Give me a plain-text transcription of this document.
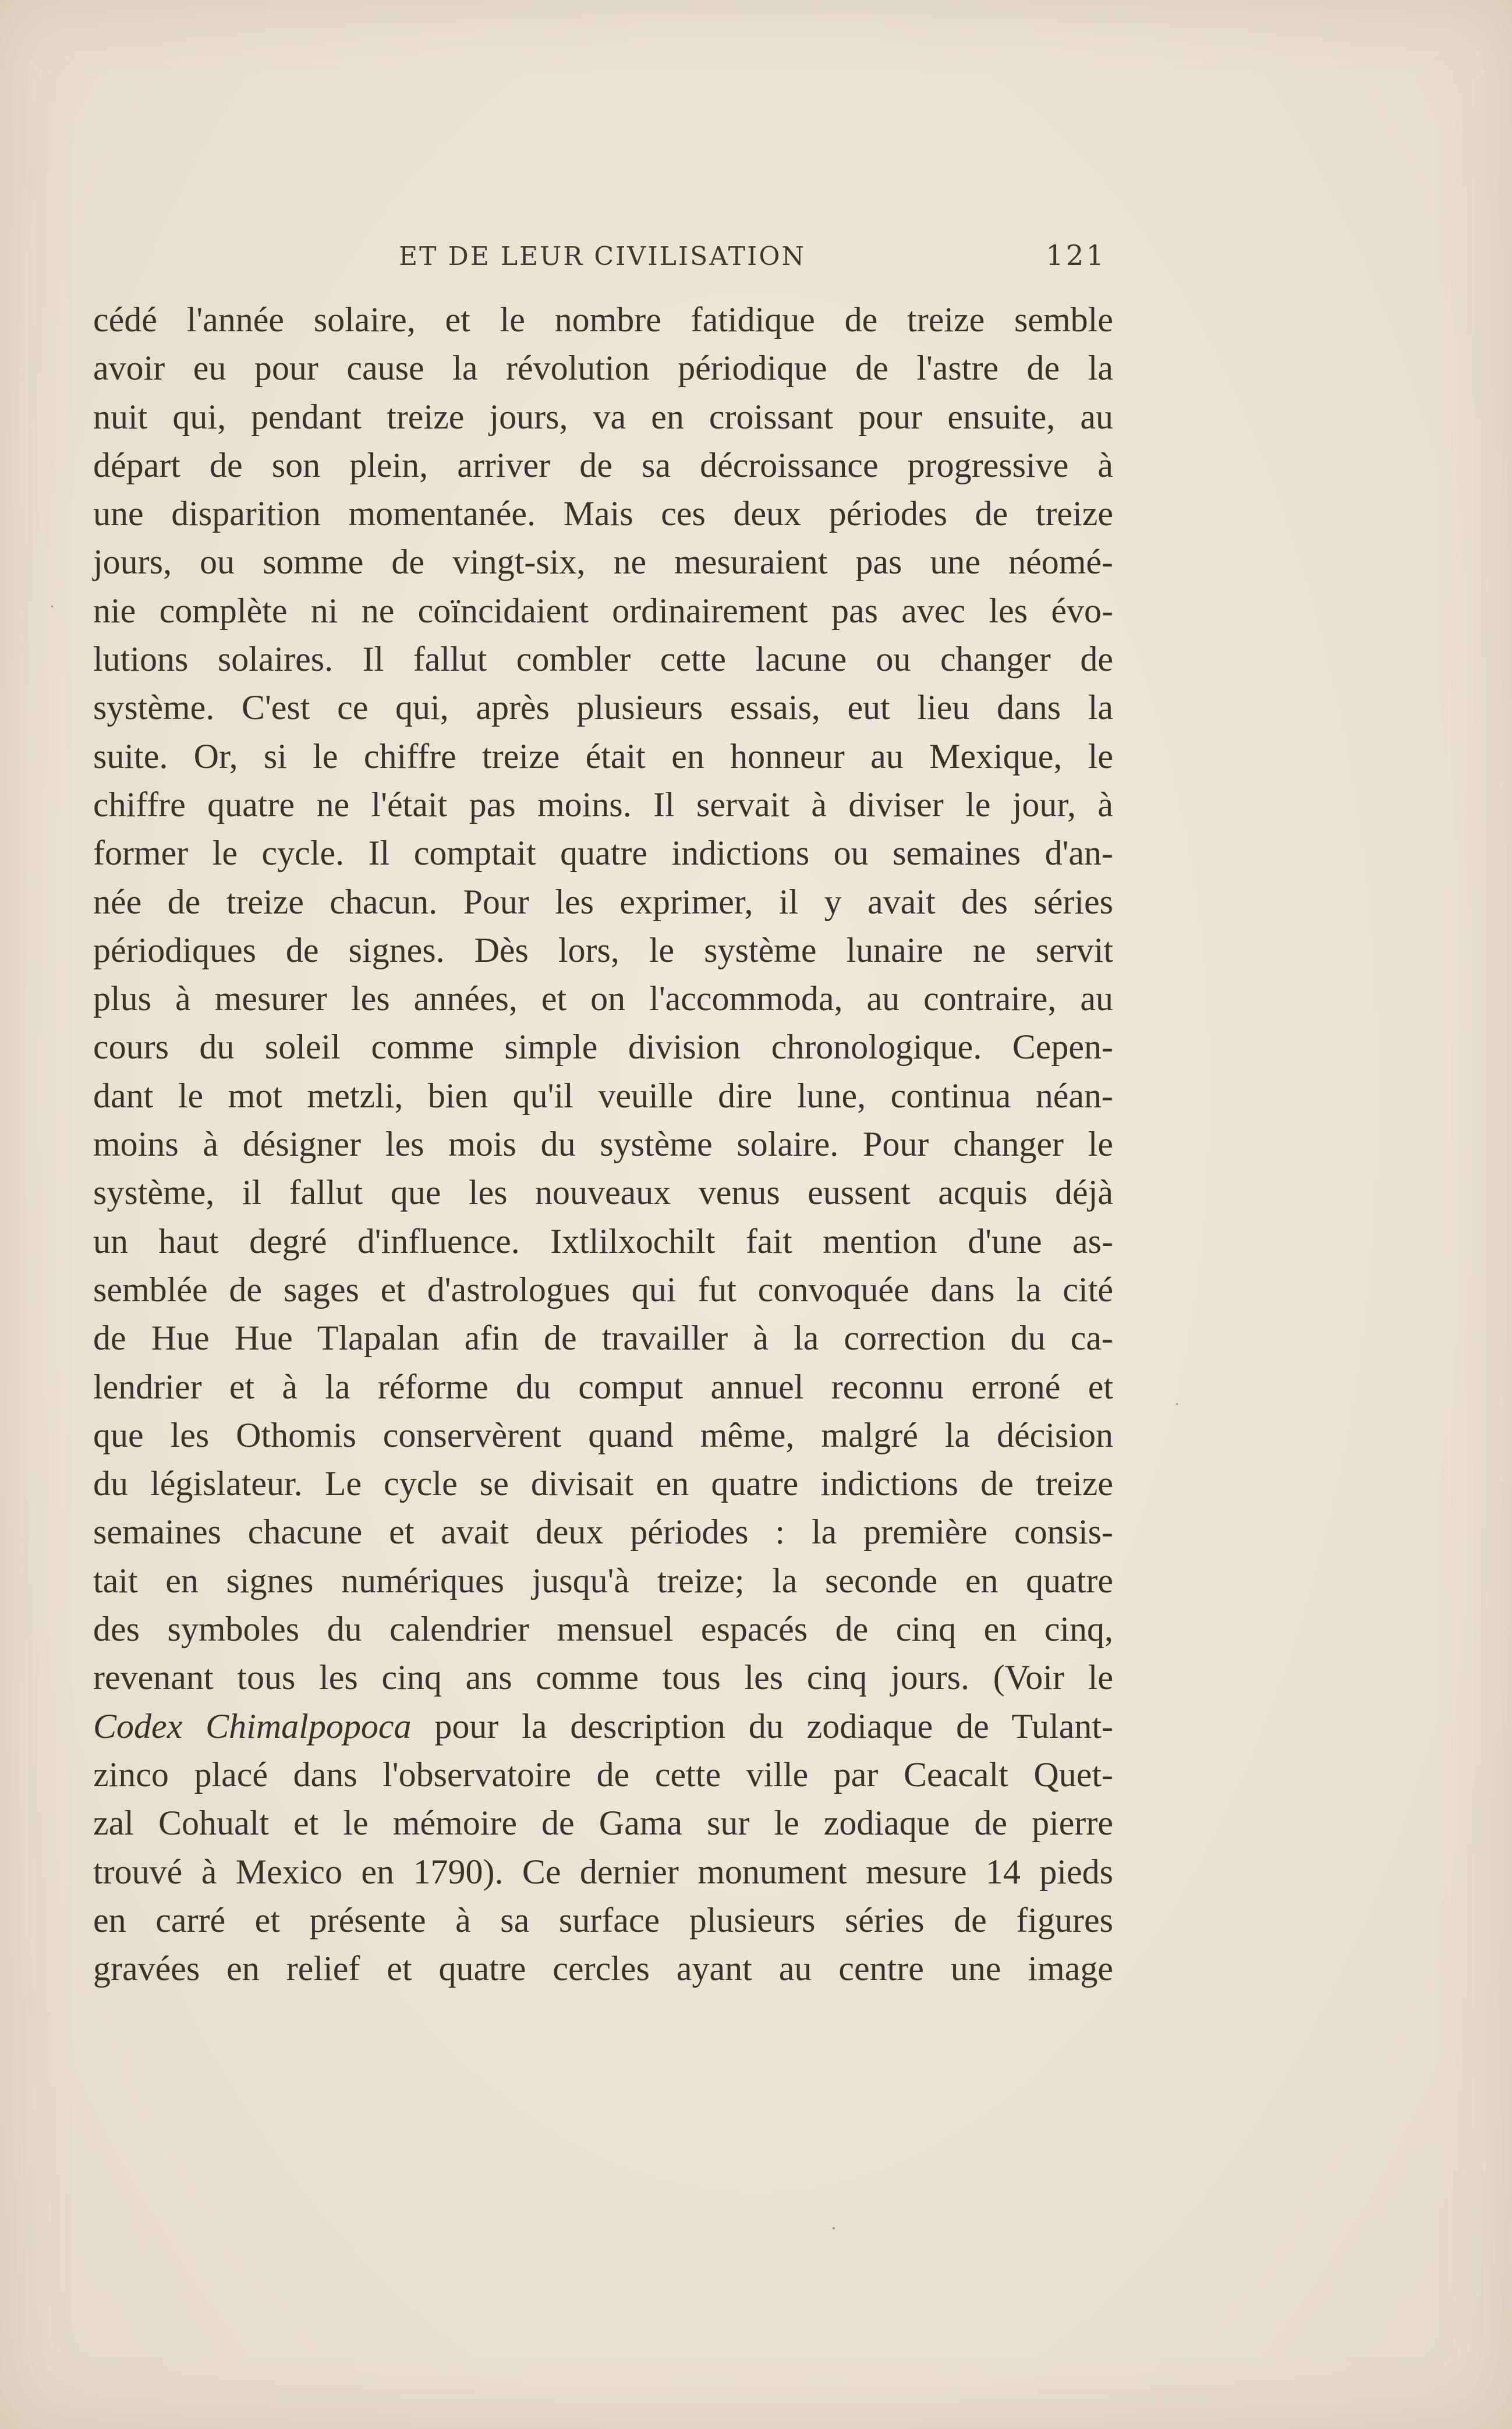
ET DE LEUR CIVILISATION	121
cédé l'année solaire, et le nombre fatidique de treize semble
avoir eu pour cause la révolution périodique de l'astre de la
nuit qui, pendant treize jours, va en croissant pour ensuite, au
départ de son plein, arriver de sa décroissance progressive à
une disparition momentanée. Mais ces deux périodes de treize
jours, ou somme de vingt-six, ne mesuraient pas une néomé-
nie complète ni ne coïncidaient ordinairement pas avec les évo-
lutions solaires. Il fallut combler cette lacune ou changer de
système. C'est ce qui, après plusieurs essais, eut lieu dans la
suite. Or, si le chiffre treize était en honneur au Mexique, le
chiffre quatre ne l'était pas moins. Il servait à diviser le jour, à
former le cycle. Il comptait quatre indictions ou semaines d'an-
née de treize chacun. Pour les exprimer, il y avait des séries
périodiques de signes. Dès lors, le système lunaire ne servit
plus à mesurer les années, et on l'accommoda, au contraire, au
cours du soleil comme simple division chronologique. Cepen-
dant le mot metzli, bien qu'il veuille dire lune, continua néan-
moins à désigner les mois du système solaire. Pour changer le
système, il fallut que les nouveaux venus eussent acquis déjà
un haut degré d'influence. Ixtlilxochilt fait mention d'une as-
semblée de sages et d'astrologues qui fut convoquée dans la cité
de Hue Hue Tlapalan afin de travailler à la correction du ca-
lendrier et à la réforme du comput annuel reconnu erroné et
que les Othomis conservèrent quand même, malgré la décision
du législateur. Le cycle se divisait en quatre indictions de treize
semaines chacune et avait deux périodes : la première consis-
tait en signes numériques jusqu'à treize; la seconde en quatre
des symboles du calendrier mensuel espacés de cinq en cinq,
revenant tous les cinq ans comme tous les cinq jours. (Voir le
Codex Chimalpopoca pour la description du zodiaque de Tulant-
zinco placé dans l'observatoire de cette ville par Ceacalt Quet-
zal Cohualt et le mémoire de Gama sur le zodiaque de pierre
trouvé à Mexico en 1790). Ce dernier monument mesure 14 pieds
en carré et présente à sa surface plusieurs séries de figures
gravées en relief et quatre cercles ayant au centre une image
